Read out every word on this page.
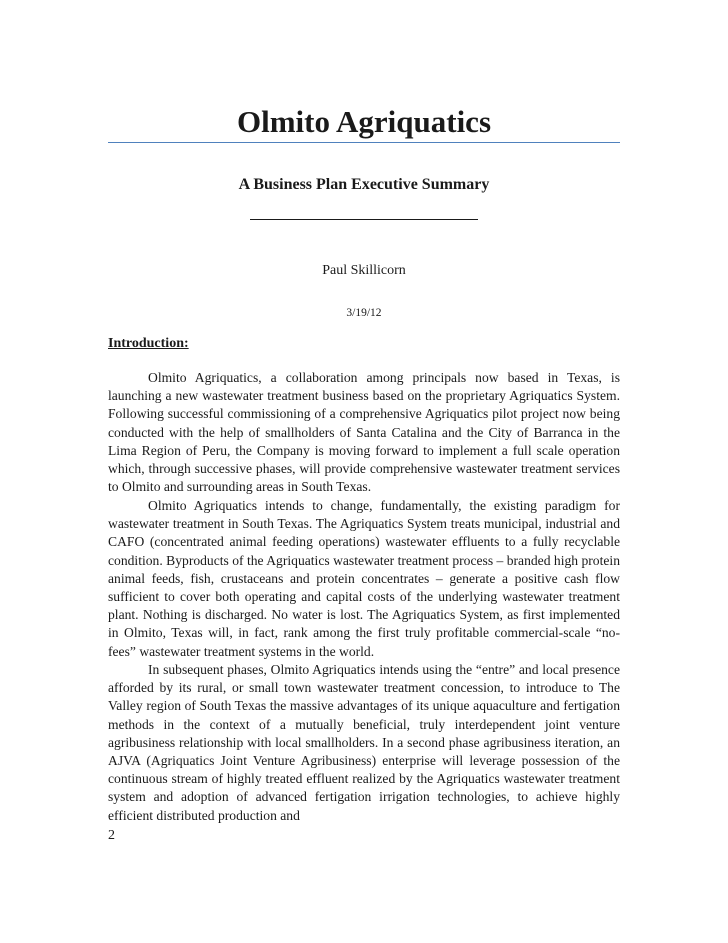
Olmito Agriquatics
A Business Plan Executive Summary
Paul Skillicorn
3/19/12
Introduction:

Olmito Agriquatics, a collaboration among principals now based in Texas, is launching a new wastewater treatment business based on the proprietary Agriquatics System. Following successful commissioning of a comprehensive Agriquatics pilot project now being conducted with the help of smallholders of Santa Catalina and the City of Barranca in the Lima Region of Peru, the Company is moving forward to implement a full scale operation which, through successive phases, will provide comprehensive wastewater treatment services to Olmito and surrounding areas in South Texas.

Olmito Agriquatics intends to change, fundamentally, the existing paradigm for wastewater treatment in South Texas. The Agriquatics System treats municipal, industrial and CAFO (concentrated animal feeding operations) wastewater effluents to a fully recyclable condition. Byproducts of the Agriquatics wastewater treatment process – branded high protein animal feeds, fish, crustaceans and protein concentrates – generate a positive cash flow sufficient to cover both operating and capital costs of the underlying wastewater treatment plant. Nothing is discharged. No water is lost. The Agriquatics System, as first implemented in Olmito, Texas will, in fact, rank among the first truly profitable commercial-scale “no-fees” wastewater treatment systems in the world.

In subsequent phases, Olmito Agriquatics intends using the “entre” and local presence afforded by its rural, or small town wastewater treatment concession, to introduce to The Valley region of South Texas the massive advantages of its unique aquaculture and fertigation methods in the context of a mutually beneficial, truly interdependent joint venture agribusiness relationship with local smallholders. In a second phase agribusiness iteration, an AJVA (Agriquatics Joint Venture Agribusiness) enterprise will leverage possession of the continuous stream of highly treated effluent realized by the Agriquatics wastewater treatment system and adoption of advanced fertigation irrigation technologies, to achieve highly efficient distributed production and

2
